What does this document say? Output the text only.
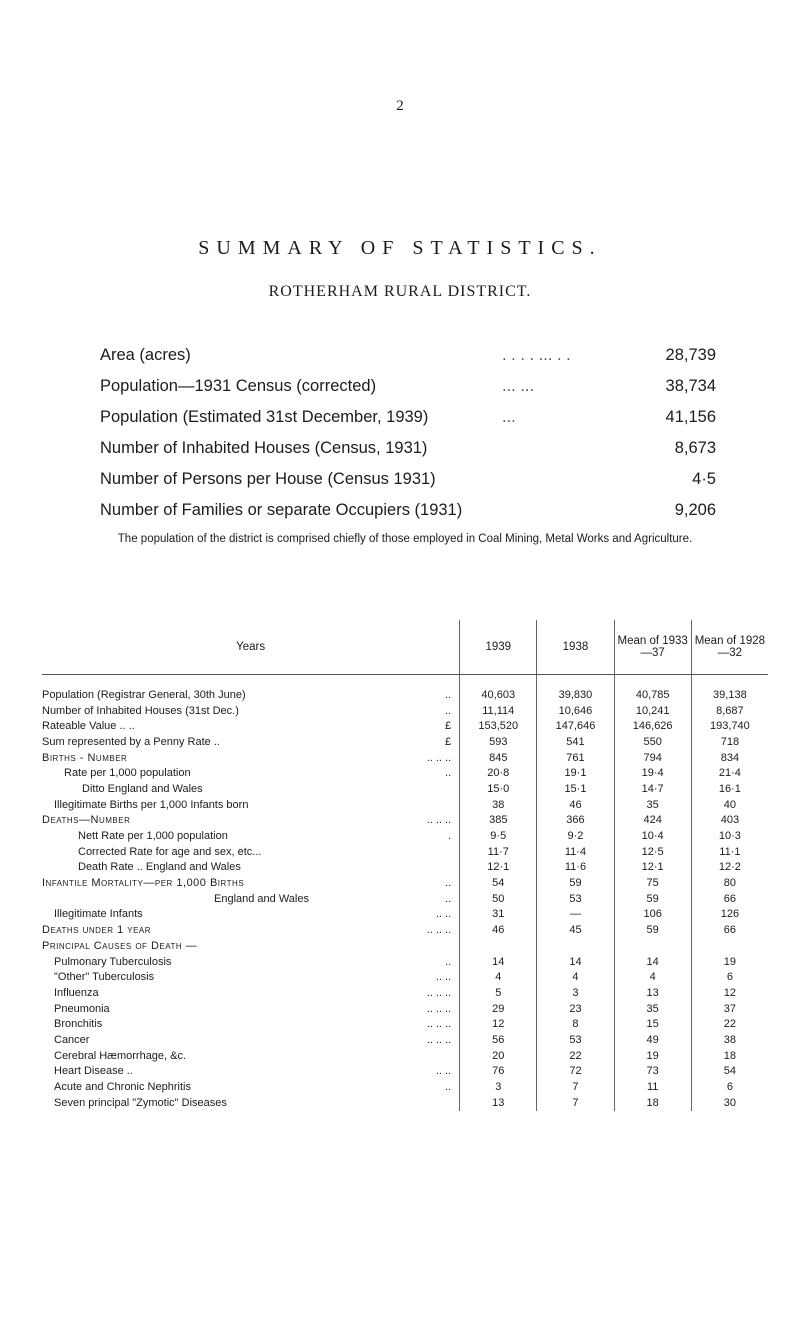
2
SUMMARY OF STATISTICS.
ROTHERHAM RURAL DISTRICT.
Area (acres)	. . . . ... . .	28,739
Population—1931 Census (corrected)	... ...	38,734
Population (Estimated 31st December, 1939)	...	41,156
Number of Inhabited Houses (Census, 1931)	8,673
Number of Persons per House (Census 1931)	4·5
Number of Families or separate Occupiers (1931)	9,206
The population of the district is comprised chiefly of those employed in Coal Mining, Metal Works and Agriculture.
Years	1939	1938	Mean of 1933—37	Mean of 1928—32

Population (Registrar General, 30th June) ..	40,603	39,830	40,785	39,138

Number of Inhabited Houses (31st Dec.) ..	11,114	10,646	10,241	8,687

Rateable Value .. .. £	153,520	147,646	146,626	193,740

Sum represented by a Penny Rate .. £	593	541	550	718

Births - Number .. .. ..	845	761	794	834

Rate per 1,000 population ..	20·8	19·1	19·4	21·4

Ditto England and Wales	15·0	15·1	14·7	16·1

Illegitimate Births per 1,000 Infants born	38	46	35	40

Deaths—Number .. .. ..	385	366	424	403

Nett Rate per 1,000 population .	9·5	9·2	10·4	10·3

Corrected Rate for age and sex, etc...	11·7	11·4	12·5	11·1

Death Rate .. England and Wales	12·1	11·6	12·1	12·2

Infantile Mortality—per 1,000 Births ..	54	59	75	80

England and Wales ..	50	53	59	66

Illegitimate Infants .. ..	31	—	106	126

Deaths under 1 year .. .. ..	46	45	59	66

Principal Causes of Death —				

Pulmonary Tuberculosis ..	14	14	14	19

"Other" Tuberculosis .. ..	4	4	4	6

Influenza .. .. ..	5	3	13	12

Pneumonia .. .. ..	29	23	35	37

Bronchitis .. .. ..	12	8	15	22

Cancer .. .. ..	56	53	49	38

Cerebral Hæmorrhage, &c.	20	22	19	18

Heart Disease .. .. ..	76	72	73	54

Acute and Chronic Nephritis ..	3	7	11	6

Seven principal "Zymotic" Diseases	13	7	18	30
